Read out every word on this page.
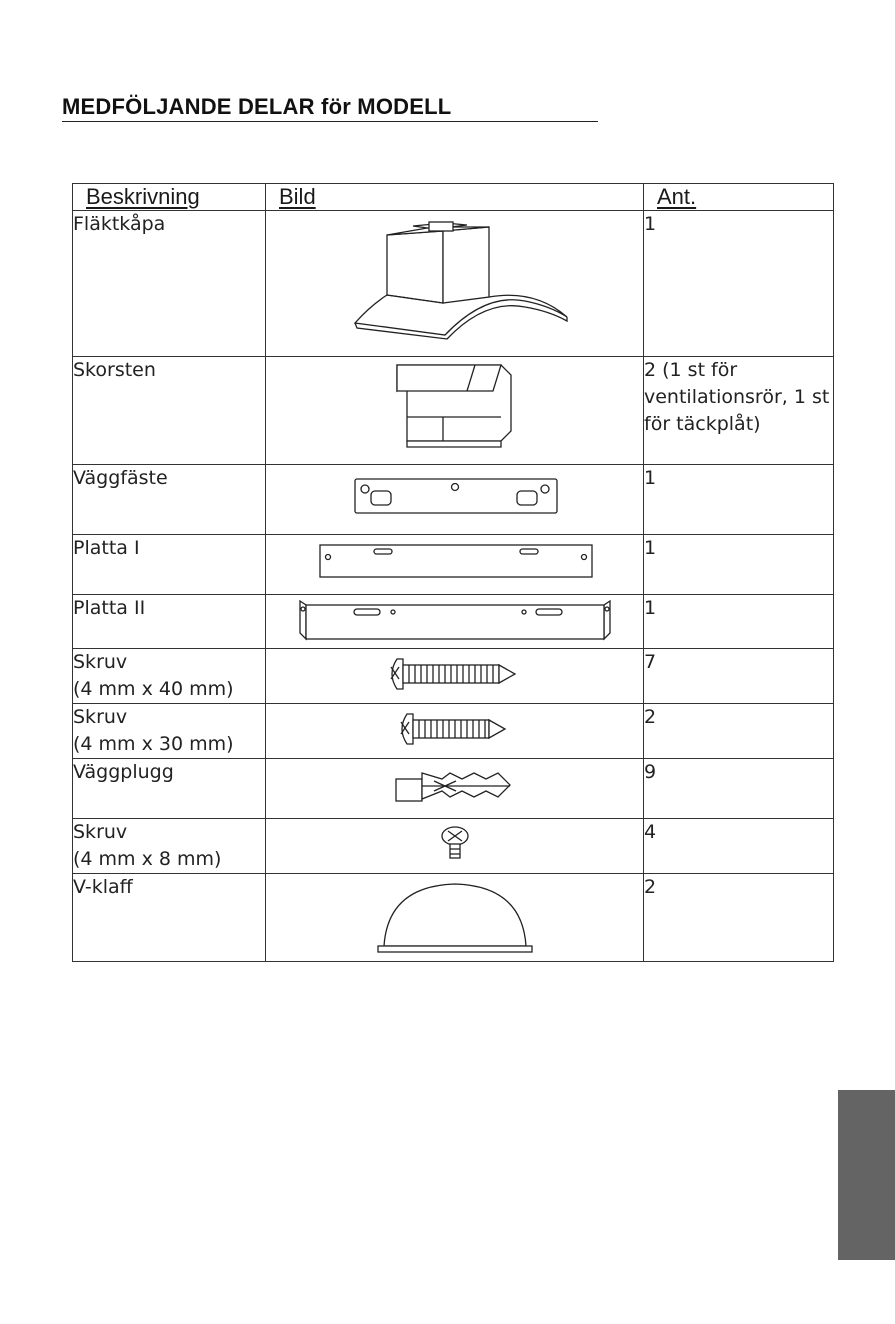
MEDFÖLJANDE DELAR för MODELL
Beskrivning	Bild	Ant.
Fläktkåpa		1
Skorsten		2 (1 st för ventilationsrör, 1 st för täckplåt)
Väggfäste		1
Platta I		1
Platta II		1
Skruv
(4 mm x 40 mm)		7
Skruv
(4 mm x 30 mm)		2
Väggplugg		9
Skruv
(4 mm x 8 mm)		4
V-klaff		2
